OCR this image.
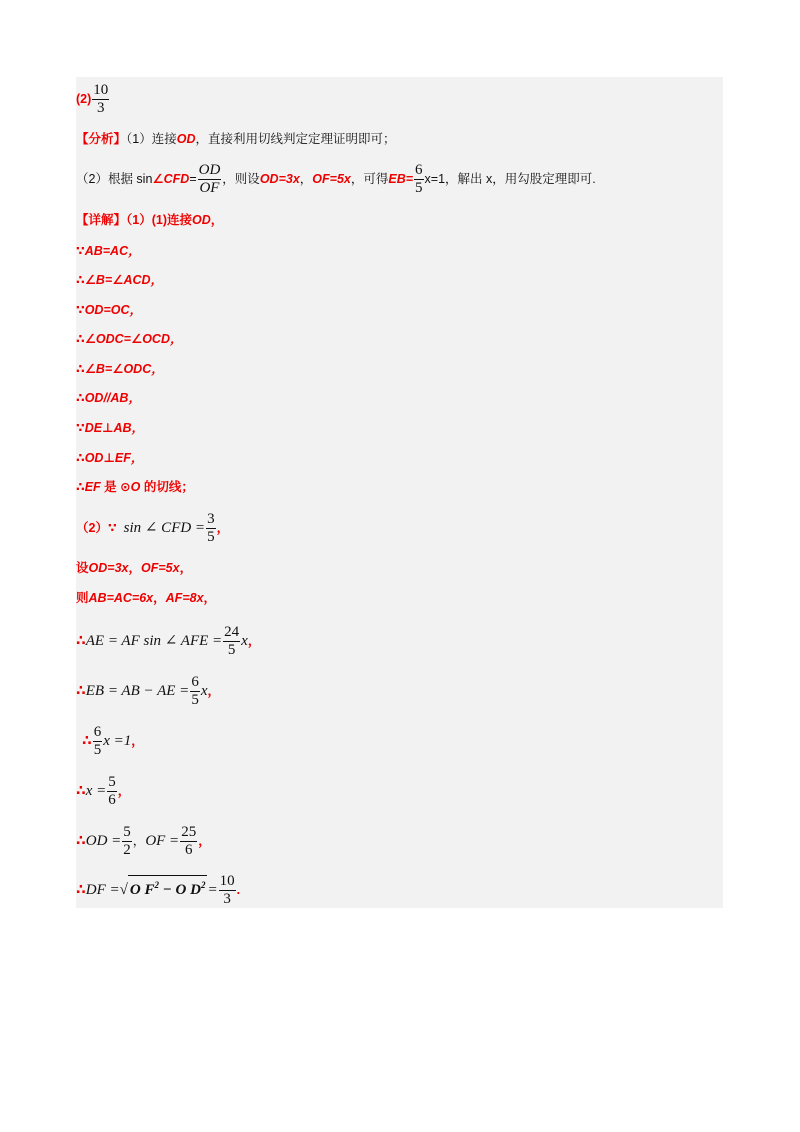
$(2) \frac{10}{3}$
【分析】（1）连接OD，直接利用切线判定定理证明即可；
（2）根据 sin∠CFD= $\frac{OD}{OF}$ ，则设OD=3x，OF=5x，可得$EB= \frac{6}{5} x=1$，解出 x，用勾股定理即可.
【详解】（1）(1)连接OD，
∵AB=AC，
∴∠B=∠ACD，
∵OD=OC，
∴∠ODC=∠OCD，
∴∠B=∠ODC，
∴OD//AB，
∵DE⊥AB，
∴OD⊥EF，
∴EF 是 ⊙O 的切线；
（2）∵ sin ∠ CFD = $\frac{3}{5}$ ，
设OD=3x，OF=5x，
则AB=AC=6x，AF=8x，
∴AE = AF sin ∠ AFE = $\frac{24}{5}$ x，
∴EB = AB − AE = $\frac{6}{5}$ x，
∴ $\frac{6}{5}$ x =1，
∴x = $\frac{5}{6}$ ，
∴OD = $\frac{5}{2}$ ，OF = $\frac{25}{6}$ ，
∴DF =√ O $F^2 - O$ $D^2 = \frac{10}{3}$ .
